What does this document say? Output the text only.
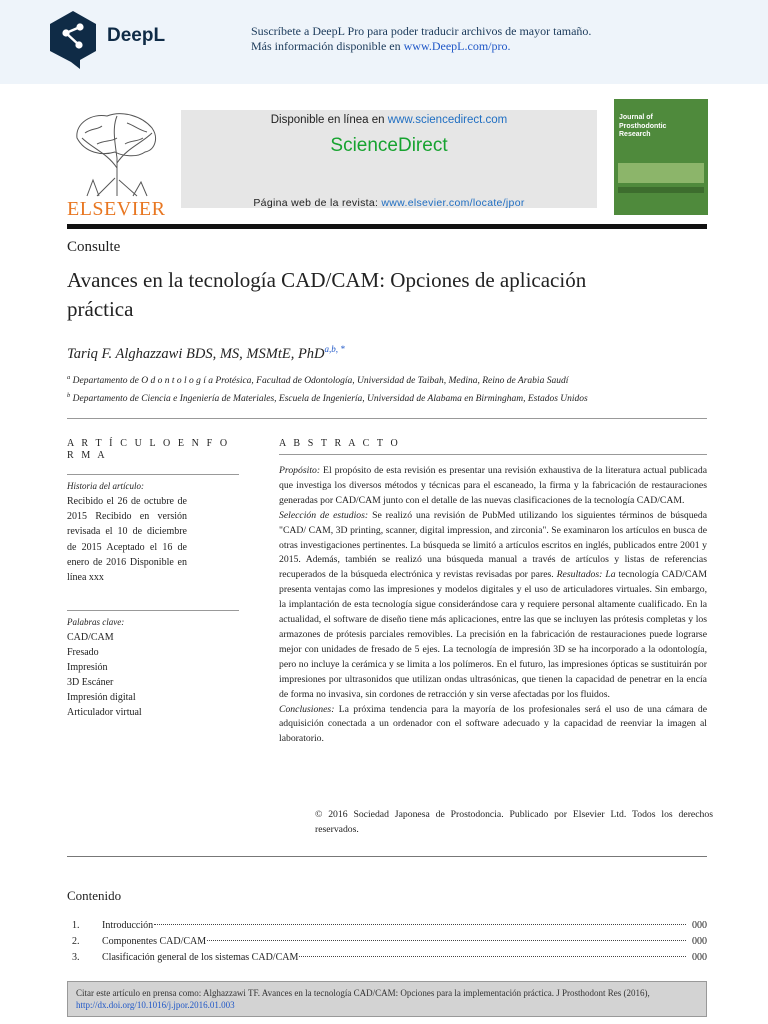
DeepL	Suscríbete a DeepL Pro para poder traducir archivos de mayor tamaño.
Más información disponible en www.DeepL.com/pro.
ELSEVIER
Disponible en línea en www.sciencedirect.com
ScienceDirect
Página web de la revista: www.elsevier.com/locate/jpor
Journal of
Prosthodontic
Research
Consulte
Avances en la tecnología CAD/CAM: Opciones de aplicación práctica
Tariq F. Alghazzawi BDS, MS, MSMtE, PhD$^{a,b, *}$
$^a$ Departamento de O d o n t o l o g í a Protésica, Facultad de Odontología, Universidad de Taibah, Medina, Reino de Arabia Saudí
$^b$ Departamento de Ciencia e Ingeniería de Materiales, Escuela de Ingeniería, Universidad de Alabama en Birmingham, Estados Unidos
A R T Í C U L O E N F O R M A
Historia del artículo:
Recibido el 26 de octubre de 2015 Recibido en versión revisada el 10 de diciembre de 2015 Aceptado el 16 de enero de 2016 Disponible en línea xxx
Palabras clave:
CAD/CAM
Fresado
Impresión
3D Escáner
Impresión digital
Articulador virtual
A B S T R A C T O
Propósito: El propósito de esta revisión es presentar una revisión exhaustiva de la literatura actual publicada que investiga los diversos métodos y técnicas para el escaneado, la firma y la fabricación de restauraciones generadas por CAD/CAM junto con el detalle de las nuevas clasificaciones de la tecnología CAD/CAM.
Selección de estudios: Se realizó una revisión de PubMed utilizando los siguientes términos de búsqueda "CAD/ CAM, 3D printing, scanner, digital impression, and zirconia". Se examinaron los artículos en busca de otras investigaciones pertinentes. La búsqueda se limitó a artículos escritos en inglés, publicados entre 2001 y 2015. Además, también se realizó una búsqueda manual a través de artículos y listas de referencias recuperados de la búsqueda electrónica y revistas revisadas por pares. Resultados: La tecnología CAD/CAM presenta ventajas como las impresiones y modelos digitales y el uso de articuladores virtuales. Sin embargo, la implantación de esta tecnología sigue considerándose cara y requiere personal altamente cualificado. En la actualidad, el software de diseño tiene más aplicaciones, entre las que se incluyen las prótesis completas y los armazones de prótesis parciales removibles. La precisión en la fabricación de restauraciones puede lograrse mejor con unidades de fresado de 5 ejes. La tecnología de impresión 3D se ha incorporado a la odontología, pero no incluye la cerámica y se limita a los polímeros. En el futuro, las impresiones ópticas se sustituirán por impresiones por ultrasonidos que utilizan ondas ultrasónicas, que tienen la capacidad de penetrar en la encía de forma no invasiva, sin cordones de retracción y sin verse afectadas por los fluidos.
Conclusiones: La próxima tendencia para la mayoría de los profesionales será el uso de una cámara de adquisición conectada a un ordenador con el software adecuado y la capacidad de reenviar la imagen al laboratorio.
© 2016 Sociedad Japonesa de Prostodoncia. Publicado por Elsevier Ltd. Todos los derechos reservados.
Contenido
1.	Introducción	000
2.	Componentes CAD/CAM	000
3.	Clasificación general de los sistemas CAD/CAM	000
Citar este artículo en prensa como: Alghazzawi TF. Avances en la tecnología CAD/CAM: Opciones para la implementación práctica. J Prosthodont Res (2016), http://dx.doi.org/10.1016/j.jpor.2016.01.003
